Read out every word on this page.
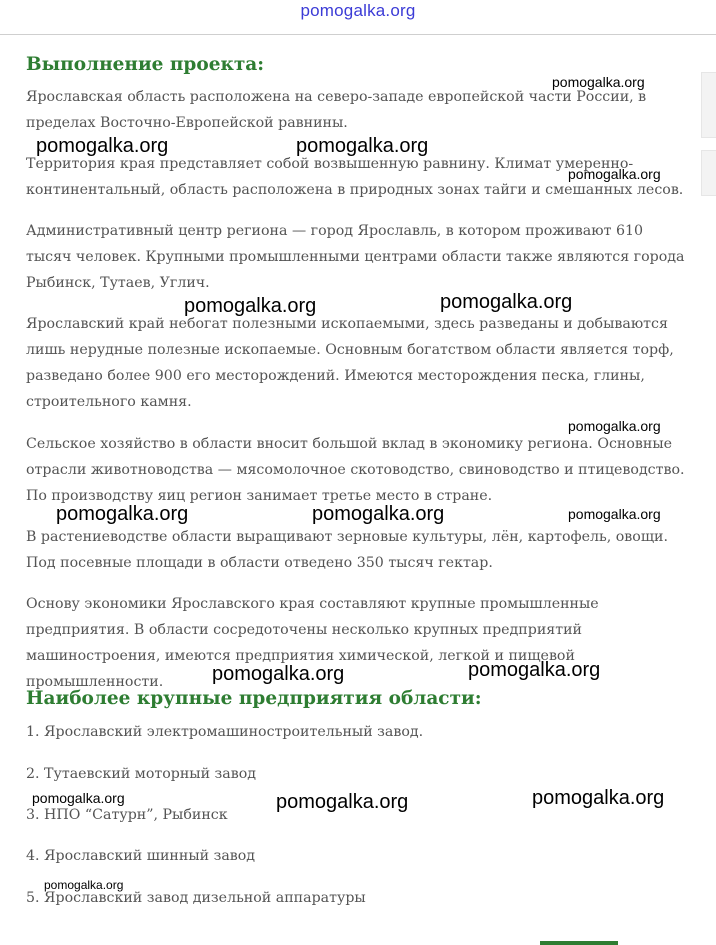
pomogalka.org
Выполнение проекта:

Ярославская область расположена на северо-западе европейской части России, в пределах Восточно-Европейской равнины.

Территория края представляет собой возвышенную равнину. Климат умеренно-континентальный, область расположена в природных зонах тайги и смешанных лесов.

Административный центр региона — город Ярославль, в котором проживают 610 тысяч человек. Крупными промышленными центрами области также являются города Рыбинск, Тутаев, Углич.

Ярославский край небогат полезными ископаемыми, здесь разведаны и добываются лишь нерудные полезные ископаемые. Основным богатством области является торф, разведано более 900 его месторождений. Имеются месторождения песка, глины, строительного камня.

Сельское хозяйство в области вносит большой вклад в экономику региона. Основные отрасли животноводства — мясомолочное скотоводство, свиноводство и птицеводство. По производству яиц регион занимает третье место в стране.

В растениеводстве области выращивают зерновые культуры, лён, картофель, овощи. Под посевные площади в области отведено 350 тысяч гектар.

Основу экономики Ярославского края составляют крупные промышленные предприятия. В области сосредоточены несколько крупных предприятий машиностроения, имеются предприятия химической, легкой и пищевой промышленности.

Наиболее крупные предприятия области:

1. Ярославский электромашиностроительный завод.

2. Тутаевский моторный завод

3. НПО “Сатурн”, Рыбинск

4. Ярославский шинный завод

5. Ярославский завод дизельной аппаратуры

pomogalka.org
pomogalka.org	pomogalka.org
pomogalka.org
pomogalka.org	pomogalka.org
pomogalka.org
pomogalka.org	pomogalka.org	pomogalka.org
pomogalka.org	pomogalka.org
pomogalka.org	pomogalka.org	pomogalka.org
pomogalka.org
